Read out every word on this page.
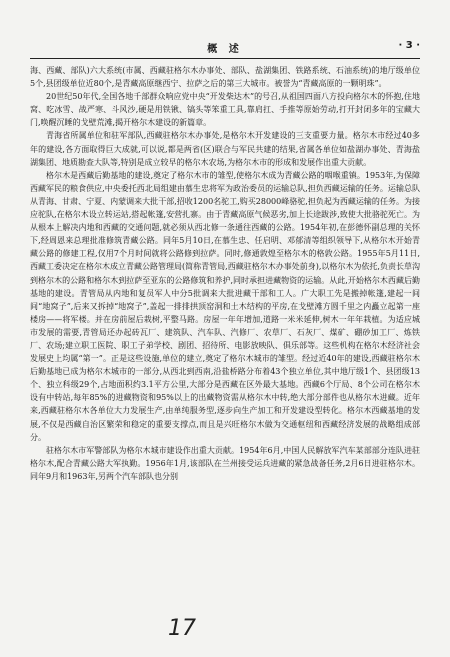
概 述	· 3 ·

海、西藏、部队)六大系统(市属、西藏驻格尔木办事处、部队、盐湖集团、铁路系统、石油系统)的地厅级单位5个,县团级单位近80个,是青藏高原继西宁、拉萨之后的第三大城市。被誉为“青藏高原的一颗明珠”。

20世纪50年代,全国各地千部群众响应党中央“开发柴达木”的号召,从祖国四面八方投向格尔木的怀抱,住地窝、吃冰雪、战严寒、斗风沙,硬是用铁锹、镐头等笨重工具,靠肩扛、手推等原始劳动,打开封闭多年的宝藏大门,唤醒沉睡的戈壁荒滩,揭开格尔木建设的新篇章。

青海省所属单位和驻军部队,西藏驻格尔木办事处,是格尔木开发建设的三支重要力量。格尔木市经过40多年的建设,各方面取得巨大成就,可以说,都是两省(区)联合与军民共建的结果,省属各单位如盐湖办事处、青海盐湖集团、地质勘查大队等,特别是成立较早的格尔木农场,为格尔木市的形成和发展作出重大贡献。

格尔木是西藏后勤基地的建设,奠定了格尔木市的雏型,使格尔木成为青藏公路的咽喉重镇。1953年,为保障西藏军民的粮食供应,中央委托西北局组建由慕生忠将军为政治委员的运输总队,担负西藏运输的任务。运输总队从青海、甘肃、宁夏、内蒙调来大批干部,招收1200名驼工,购买28000峰骆驼,担负起为西藏运输的任务。为接应驼队,在格尔木设立转运站,搭起帐篷,安营扎寨。由于青藏高原气候恶劣,加上长途跋涉,致使大批骆驼死亡。为从根本上解决内地和西藏的交通问题,就必须从西北修一条通往西藏的公路。1954年初,在彭德怀副总理的关怀下,经周恩来总理批准修筑青藏公路。同年5月10日,在慕生忠、任启明、邓郁清等组织领导下,从格尔木开始青藏公路的修建工程,仅用7个月时间就将公路修到拉萨。同时,修通敦煌至格尔木的格敦公路。1955年5月11日,西藏工委决定在格尔木成立青藏公路管理局(简称青管局,西藏驻格尔木办事处前身),以格尔木为依托,负责长草沟到格尔木的公路和格尔木到拉萨至亚东的公路修筑和养护,同时承担进藏物资的运输。从此,开始格尔木西藏后勤基地的建设。青管局从内地和复员军人中分5批调来大批进藏干部和工人。广大职工先是搬掉帐篷,建起一间间“地窝子”,后来又拆掉“地窝子”,盖起一排排拱顶窑洞和土木结构的平房,在戈壁滩方圆千里之内矗立起第一座楼房——将军楼。并在房前屋后栽树,平整马路。房屋一年年增加,道路一米米延伸,树木一年年栽植。为适应城市发展的需要,青管局还办起砖瓦厂、建筑队、汽车队、汽修厂、农草厂、石灰厂、煤矿、硼砂加工厂、炼铁厂、农场;建立职工医院、职工子弟学校、剧团、招待所、电影放映队、俱乐部等。这些机构在格尔木经济社会发展史上均属“第一”。正是这些设施,单位的建立,奠定了格尔木城市的雏型。经过近40年的建设,西藏驻格尔木后勤基地已成为格尔木城市的一部分,从西北到西南,沿盐桥路分布着43个独立单位,其中地厅级1个、县团级13个、独立科级29个,占地面积约3.1平方公里,大部分是西藏在区外最大基地。西藏6个厅局、8个公司在格尔木设有中转站,每年85%的进藏物资和95%以上的出藏物资需从格尔木中转,绝大部分部件也从格尔木进藏。近年来,西藏驻格尔木各单位大力发展生产,由单纯服务型,逐步向生产加工和开发建设型转化。格尔木西藏基地的发展,不仅是西藏自治区繁荣和稳定的重要支撑点,而且是兴旺格尔木做为交通枢纽和西藏经济发展的战略组成部分。

驻格尔木市军警部队为格尔木城市建设作出重大贡献。1954年6月,中国人民解放军汽车某部部分连队进驻格尔木,配合青藏公路大军执勤。1956年1月,该部队在兰州接受运兵进藏的紧急战备任务,2月6日进驻格尔木。同年9月和1963年,另两个汽车部队也分别

17
